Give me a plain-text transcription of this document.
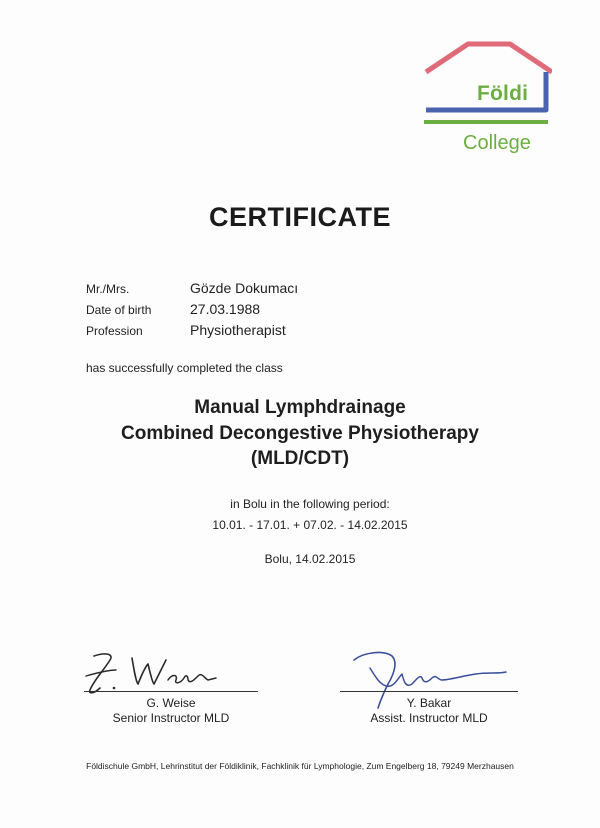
Földi
College
CERTIFICATE
Mr./Mrs.	Gözde Dokumacı
Date of birth	27.03.1988
Profession	Physiotherapist
has successfully completed the class
Manual Lymphdrainage
Combined Decongestive Physiotherapy
(MLD/CDT)
in Bolu in the following period:
10.01. - 17.01. + 07.02. - 14.02.2015
Bolu, 14.02.2015
G. Weise
Senior Instructor MLD
Y. Bakar
Assist. Instructor MLD
Földischule GmbH, Lehrinstitut der Földiklinik, Fachklinik für Lymphologie, Zum Engelberg 18, 79249 Merzhausen
